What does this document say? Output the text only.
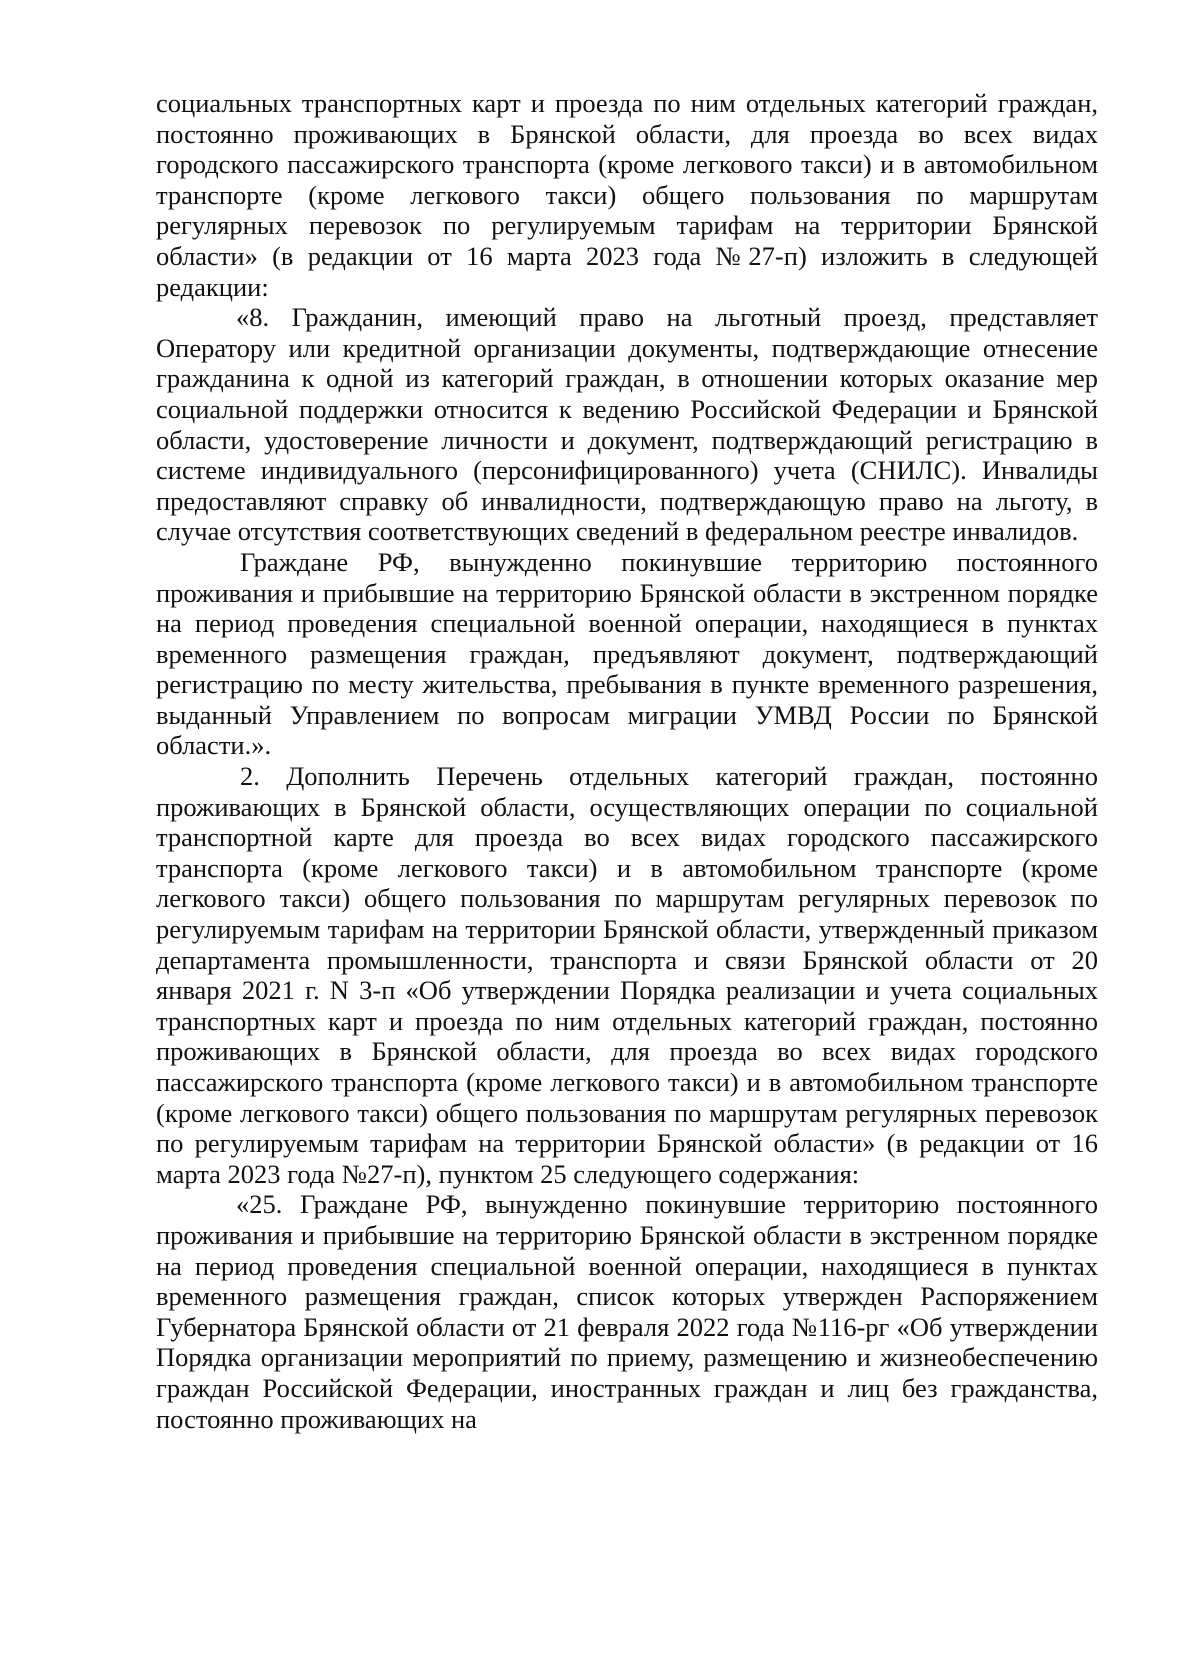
социальных транспортных карт и проезда по ним отдельных категорий граждан, постоянно проживающих в Брянской области, для проезда во всех видах городского пассажирского транспорта (кроме легкового такси) и в автомобильном транспорте (кроме легкового такси) общего пользования по маршрутам регулярных перевозок по регулируемым тарифам на территории Брянской области» (в редакции от 16 марта 2023 года №27-п) изложить в следующей редакции:

«8. Гражданин, имеющий право на льготный проезд, представляет Оператору или кредитной организации документы, подтверждающие отнесение гражданина к одной из категорий граждан, в отношении которых оказание мер социальной поддержки относится к ведению Российской Федерации и Брянской области, удостоверение личности и документ, подтверждающий регистрацию в системе индивидуального (персонифицированного) учета (СНИЛС). Инвалиды предоставляют справку об инвалидности, подтверждающую право на льготу, в случае отсутствия соответствующих сведений в федеральном реестре инвалидов.

Граждане РФ, вынужденно покинувшие территорию постоянного проживания и прибывшие на территорию Брянской области в экстренном порядке на период проведения специальной военной операции, находящиеся в пунктах временного размещения граждан, предъявляют документ, подтверждающий регистрацию по месту жительства, пребывания в пункте временного разрешения, выданный Управлением по вопросам миграции УМВД России по Брянской области.».

2. Дополнить Перечень отдельных категорий граждан, постоянно проживающих в Брянской области, осуществляющих операции по социальной транспортной карте для проезда во всех видах городского пассажирского транспорта (кроме легкового такси) и в автомобильном транспорте (кроме легкового такси) общего пользования по маршрутам регулярных перевозок по регулируемым тарифам на территории Брянской области, утвержденный приказом департамента промышленности, транспорта и связи Брянской области от 20 января 2021 г. N 3-п «Об утверждении Порядка реализации и учета социальных транспортных карт и проезда по ним отдельных категорий граждан, постоянно проживающих в Брянской области, для проезда во всех видах городского пассажирского транспорта (кроме легкового такси) и в автомобильном транспорте (кроме легкового такси) общего пользования по маршрутам регулярных перевозок по регулируемым тарифам на территории Брянской области» (в редакции от 16 марта 2023 года №27-п), пунктом 25 следующего содержания:

«25. Граждане РФ, вынужденно покинувшие территорию постоянного проживания и прибывшие на территорию Брянской области в экстренном порядке на период проведения специальной военной операции, находящиеся в пунктах временного размещения граждан, список которых утвержден Распоряжением Губернатора Брянской области от 21 февраля 2022 года №116-рг «Об утверждении Порядка организации мероприятий по приему, размещению и жизнеобеспечению граждан Российской Федерации, иностранных граждан и лиц без гражданства, постоянно проживающих на
